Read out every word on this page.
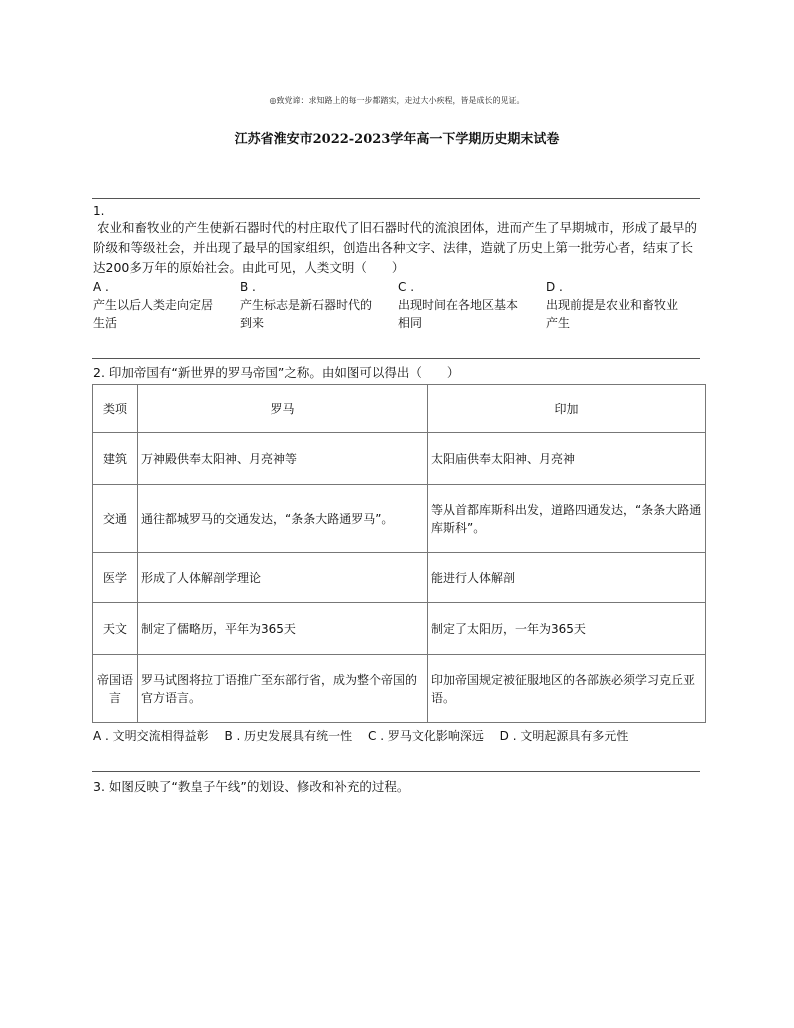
◎致党谛：求知路上的每一步都踏实，走过大小疾程，皆是成长的见证。
江苏省淮安市2022-2023学年高一下学期历史期末试卷
1.
农业和畜牧业的产生使新石器时代的村庄取代了旧石器时代的流浪团体，进而产生了早期城市，形成了最早的阶级和等级社会，并出现了最早的国家组织，创造出各种文字、法律，造就了历史上第一批劳心者，结束了长达200多万年的原始社会。由此可见，人类文明（　　）
A .
产生以后人类走向定居
生活
B .
产生标志是新石器时代的
到来
C .
出现时间在各地区基本
相同
D .
出现前提是农业和畜牧业
产生
2. 印加帝国有“新世界的罗马帝国”之称。由如图可以得出（　　）
类项	罗马	印加
建筑	万神殿供奉太阳神、月亮神等	太阳庙供奉太阳神、月亮神
交通	通往都城罗马的交通发达，“条条大路通罗马”。	等从首都库斯科出发，道路四通发达，“条条大路通库斯科”。
医学	形成了人体解剖学理论	能进行人体解剖
天文	制定了儒略历，平年为365天	制定了太阳历，一年为365天
帝国语言	罗马试图将拉丁语推广至东部行省，成为整个帝国的官方语言。	印加帝国规定被征服地区的各部族必须学习克丘亚语。
A . 文明交流相得益彰 B . 历史发展具有统一性 C . 罗马文化影响深远 D . 文明起源具有多元性
3. 如图反映了“教皇子午线”的划设、修改和补充的过程。
